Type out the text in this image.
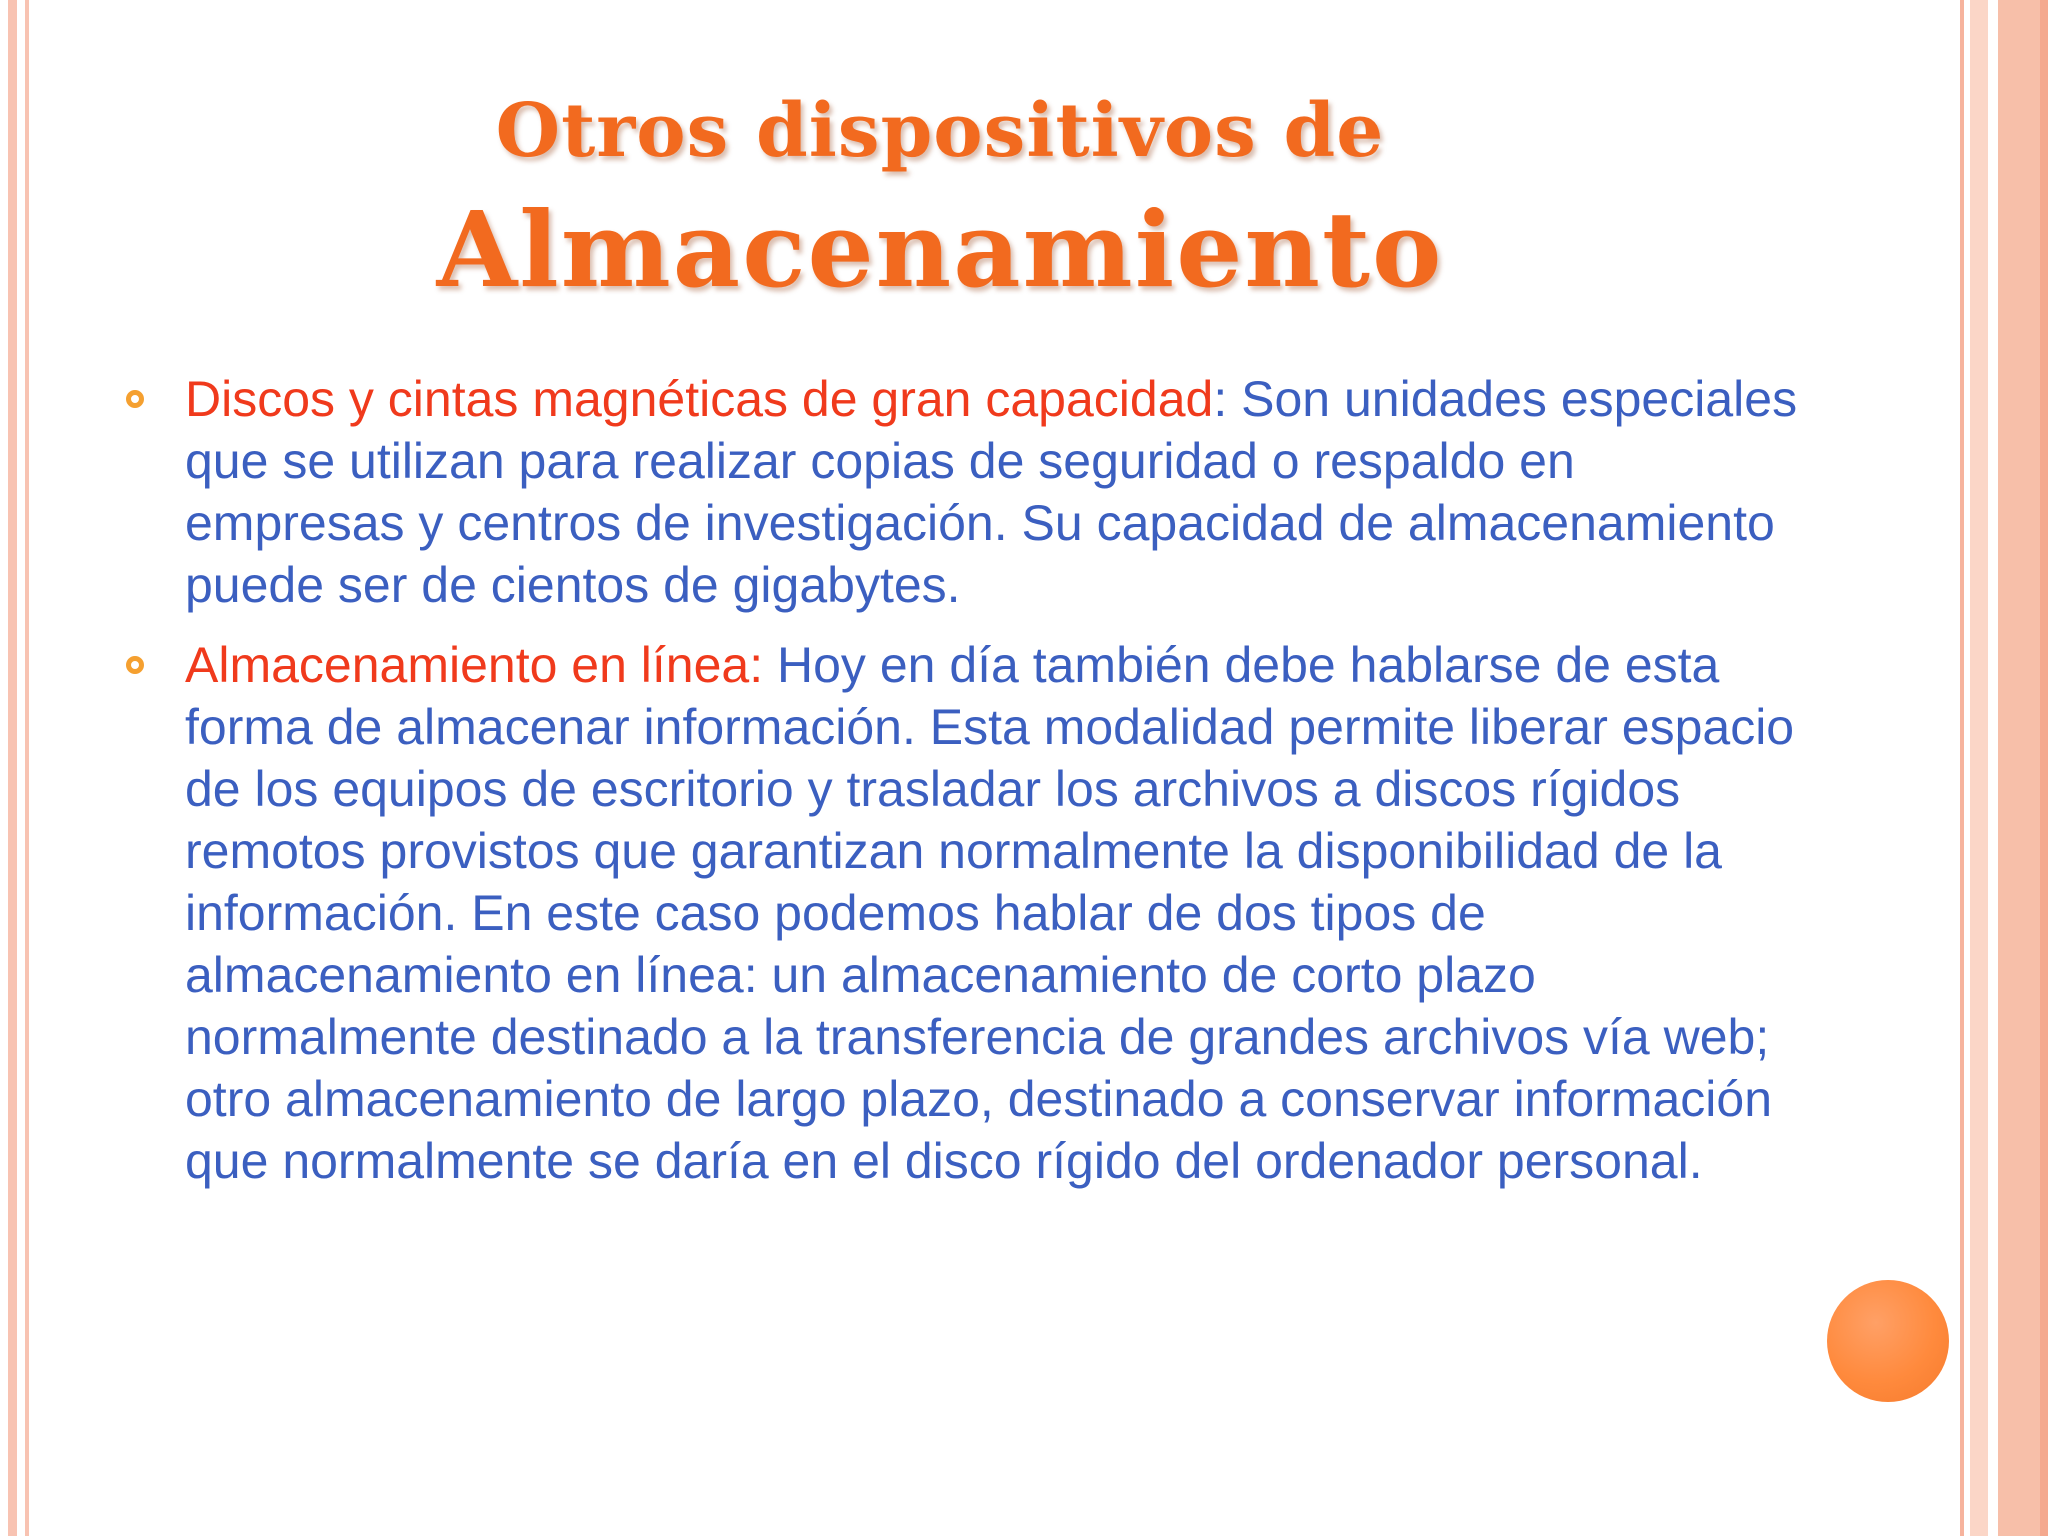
Otros dispositivos de
Almacenamiento
Discos y cintas magnéticas de gran capacidad: Son unidades especiales que se utilizan para realizar copias de seguridad o respaldo en empresas y centros de investigación. Su capacidad de almacenamiento puede ser de cientos de gigabytes.
Almacenamiento en línea: Hoy en día también debe hablarse de esta forma de almacenar información. Esta modalidad permite liberar espacio de los equipos de escritorio y trasladar los archivos a discos rígidos remotos provistos que garantizan normalmente la disponibilidad de la información. En este caso podemos hablar de dos tipos de almacenamiento en línea: un almacenamiento de corto plazo normalmente destinado a la transferencia de grandes archivos vía web; otro almacenamiento de largo plazo, destinado a conservar información que normalmente se daría en el disco rígido del ordenador personal.
